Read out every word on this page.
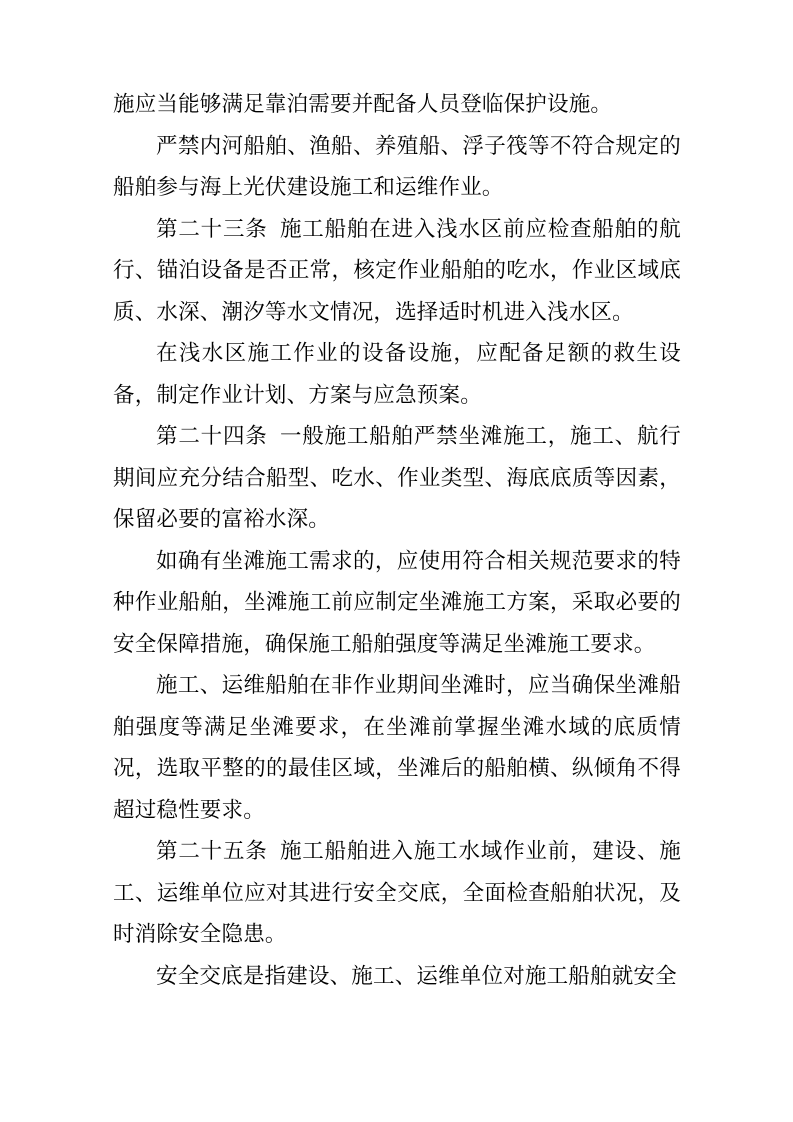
施应当能够满足靠泊需要并配备人员登临保护设施。

严禁内河船舶、渔船、养殖船、浮子筏等不符合规定的船舶参与海上光伏建设施工和运维作业。

第二十三条  施工船舶在进入浅水区前应检查船舶的航行、锚泊设备是否正常，核定作业船舶的吃水，作业区域底质、水深、潮汐等水文情况，选择适时机进入浅水区。

在浅水区施工作业的设备设施，应配备足额的救生设备，制定作业计划、方案与应急预案。

第二十四条  一般施工船舶严禁坐滩施工，施工、航行期间应充分结合船型、吃水、作业类型、海底底质等因素，保留必要的富裕水深。

如确有坐滩施工需求的，应使用符合相关规范要求的特种作业船舶，坐滩施工前应制定坐滩施工方案，采取必要的安全保障措施，确保施工船舶强度等满足坐滩施工要求。

施工、运维船舶在非作业期间坐滩时，应当确保坐滩船舶强度等满足坐滩要求，在坐滩前掌握坐滩水域的底质情况，选取平整的的最佳区域，坐滩后的船舶横、纵倾角不得超过稳性要求。

第二十五条  施工船舶进入施工水域作业前，建设、施工、运维单位应对其进行安全交底，全面检查船舶状况，及时消除安全隐患。

安全交底是指建设、施工、运维单位对施工船舶就安全
